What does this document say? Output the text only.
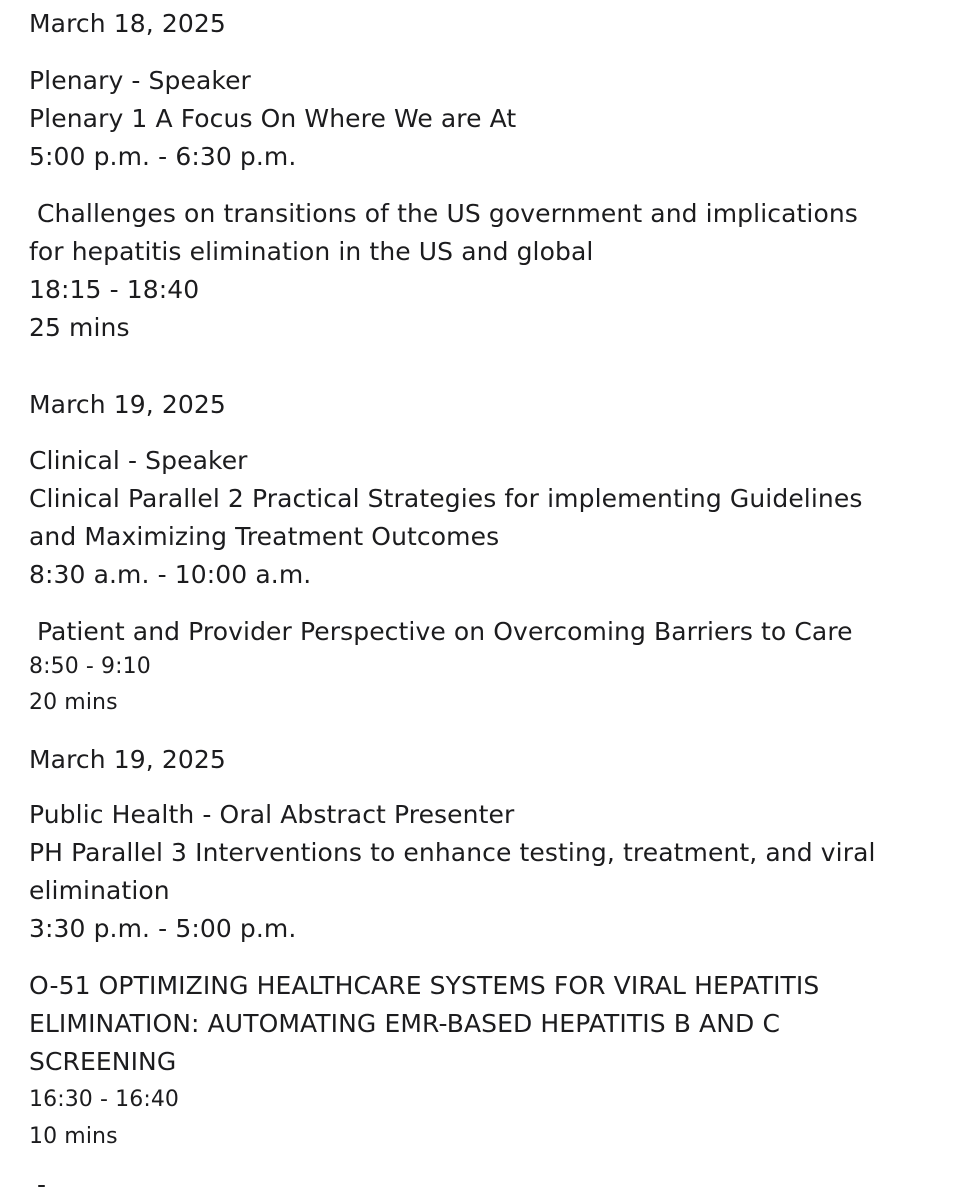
March 18, 2025
Plenary - Speaker
Plenary 1 A Focus On Where We are At
5:00 p.m. - 6:30 p.m.
Challenges on transitions of the US government and implications
for hepatitis elimination in the US and global
18:15 - 18:40
25 mins
March 19, 2025
Clinical - Speaker
Clinical Parallel 2 Practical Strategies for implementing Guidelines
and Maximizing Treatment Outcomes
8:30 a.m. - 10:00 a.m.
Patient and Provider Perspective on Overcoming Barriers to Care
8:50 - 9:10
20 mins
March 19, 2025
Public Health - Oral Abstract Presenter
PH Parallel 3 Interventions to enhance testing, treatment, and viral
elimination
3:30 p.m. - 5:00 p.m.
O-51 OPTIMIZING HEALTHCARE SYSTEMS FOR VIRAL HEPATITIS
ELIMINATION: AUTOMATING EMR-BASED HEPATITIS B AND C
SCREENING
16:30 - 16:40
10 mins
-
